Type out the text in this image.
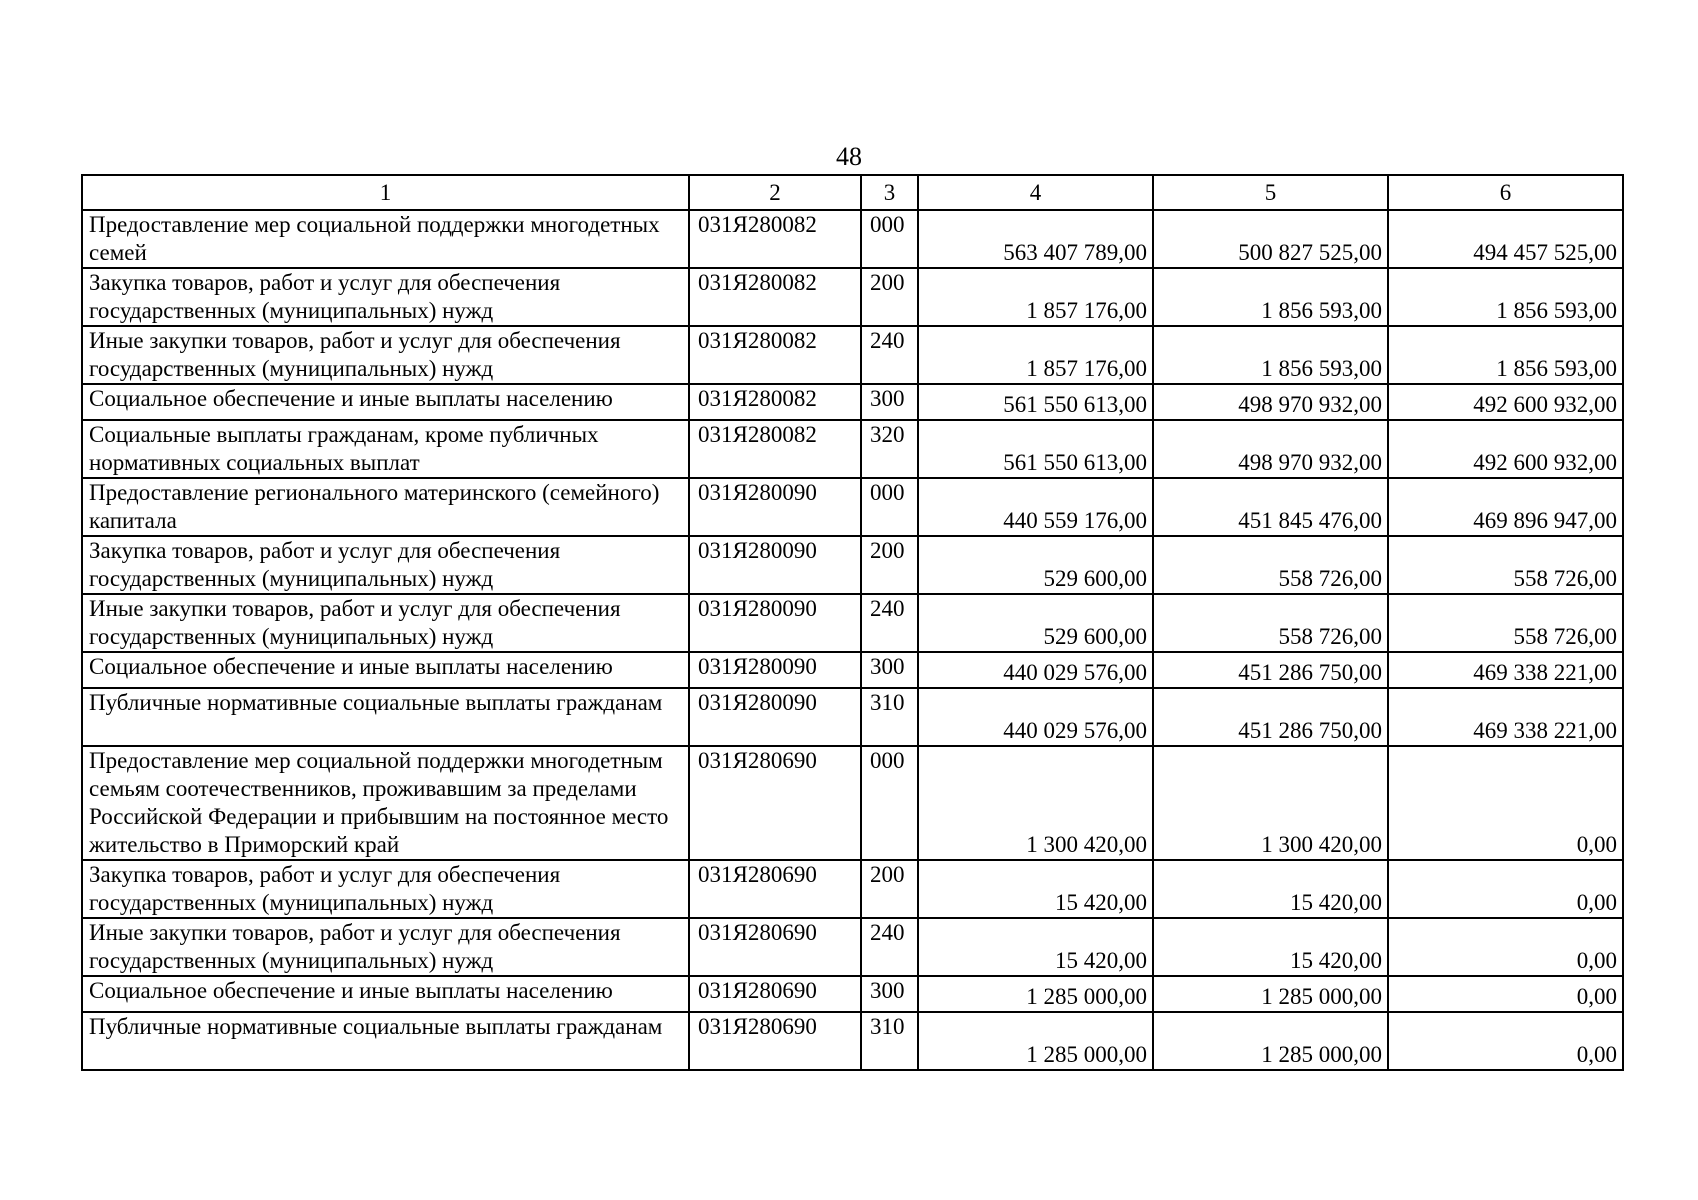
48
1	2	3	4	5	6
Предоставление мер социальной поддержки многодетных семей	031Я280082	000	563 407 789,00	500 827 525,00	494 457 525,00
Закупка товаров, работ и услуг для обеспечения государственных (муниципальных) нужд	031Я280082	200	1 857 176,00	1 856 593,00	1 856 593,00
Иные закупки товаров, работ и услуг для обеспечения государственных (муниципальных) нужд	031Я280082	240	1 857 176,00	1 856 593,00	1 856 593,00
Социальное обеспечение и иные выплаты населению	031Я280082	300	561 550 613,00	498 970 932,00	492 600 932,00
Социальные выплаты гражданам, кроме публичных нормативных социальных выплат	031Я280082	320	561 550 613,00	498 970 932,00	492 600 932,00
Предоставление регионального материнского (семейного) капитала	031Я280090	000	440 559 176,00	451 845 476,00	469 896 947,00
Закупка товаров, работ и услуг для обеспечения государственных (муниципальных) нужд	031Я280090	200	529 600,00	558 726,00	558 726,00
Иные закупки товаров, работ и услуг для обеспечения государственных (муниципальных) нужд	031Я280090	240	529 600,00	558 726,00	558 726,00
Социальное обеспечение и иные выплаты населению	031Я280090	300	440 029 576,00	451 286 750,00	469 338 221,00
Публичные нормативные социальные выплаты гражданам	031Я280090	310	440 029 576,00	451 286 750,00	469 338 221,00
Предоставление мер социальной поддержки многодетным семьям соотечественников, проживавшим за пределами Российской Федерации и прибывшим на постоянное место жительство в Приморский край	031Я280690	000	1 300 420,00	1 300 420,00	0,00
Закупка товаров, работ и услуг для обеспечения государственных (муниципальных) нужд	031Я280690	200	15 420,00	15 420,00	0,00
Иные закупки товаров, работ и услуг для обеспечения государственных (муниципальных) нужд	031Я280690	240	15 420,00	15 420,00	0,00
Социальное обеспечение и иные выплаты населению	031Я280690	300	1 285 000,00	1 285 000,00	0,00
Публичные нормативные социальные выплаты гражданам	031Я280690	310	1 285 000,00	1 285 000,00	0,00
